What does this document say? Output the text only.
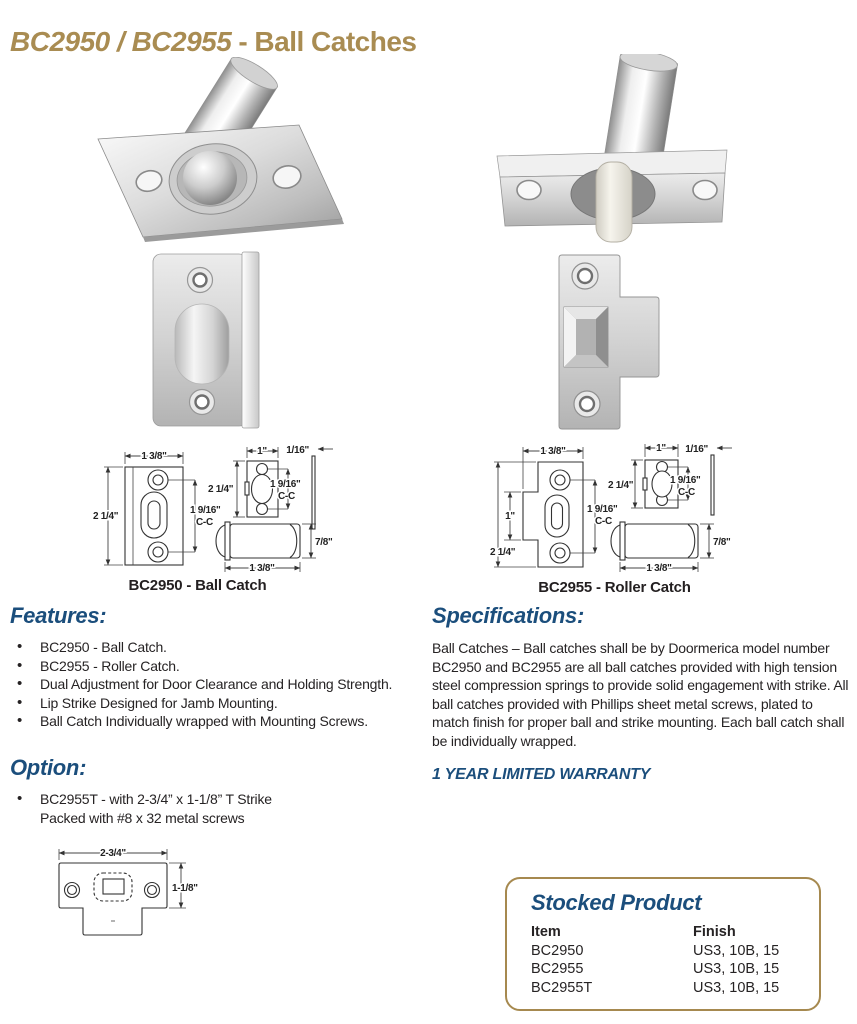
BC2950 / BC2955 - Ball Catches
1 3/8"
2 1/4"
1 9/16"
C-C
1"
2 1/4"	1 9/16"
C-C
1/16"
7/8"
1 3/8"
BC2950 - Ball Catch
1 3/8"
1"
2 1/4"
1 9/16"
C-C
1"
2 1/4"	1 9/16"
C-C
1/16"
7/8"
1 3/8"
BC2955 - Roller Catch
Features:
• BC2950 - Ball Catch.
• BC2955 - Roller Catch.
• Dual Adjustment for Door Clearance and Holding Strength.
• Lip Strike Designed for Jamb Mounting.
• Ball Catch Individually wrapped with Mounting Screws.
Option:
• BC2955T - with 2-3/4” x 1-1/8” T Strike
Packed with #8 x 32 metal screws
2-3/4"
1-1/8"
Specifications:
Ball Catches – Ball catches shall be by Doormerica model number BC2950 and BC2955 are all ball catches provided with high tension steel compression springs to provide solid engagement with strike. All ball catches provided with Phillips sheet metal screws, plated to match finish for proper ball and strike mounting. Each ball catch shall be individually wrapped.
1 YEAR LIMITED WARRANTY
Stocked Product
Item	Finish
BC2950	US3, 10B, 15
BC2955	US3, 10B, 15
BC2955T	US3, 10B, 15
